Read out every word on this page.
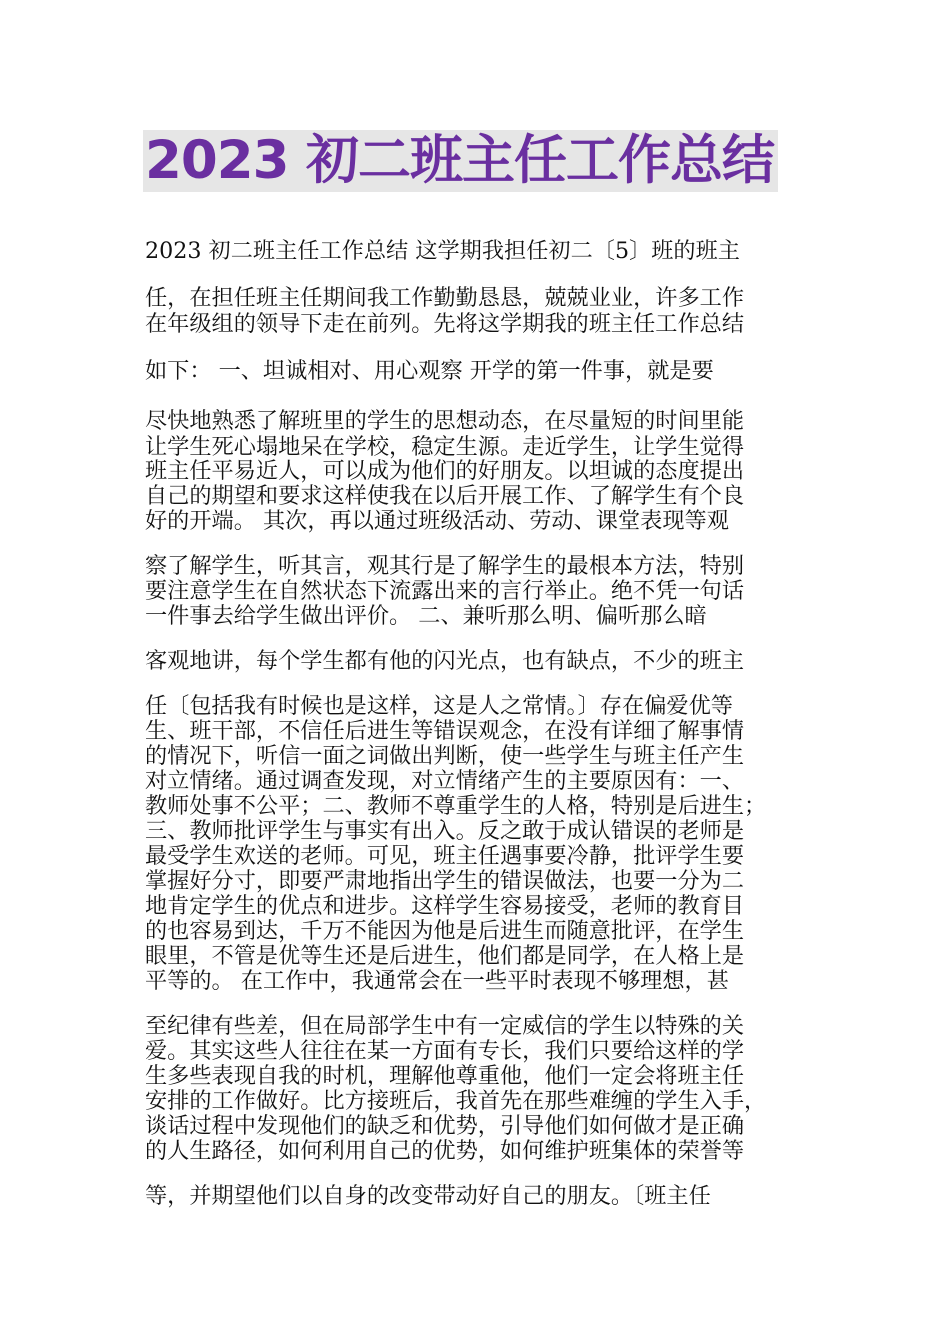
2023 初二班主任工作总结

2023 初二班主任工作总结 这学期我担任初二〔5〕班的班主

任，在担任班主任期间我工作勤勤恳恳，兢兢业业，许多工作

在年级组的领导下走在前列。先将这学期我的班主任工作总结

如下： 一、坦诚相对、用心观察 开学的第一件事，就是要

尽快地熟悉了解班里的学生的思想动态，在尽量短的时间里能

让学生死心塌地呆在学校，稳定生源。走近学生，让学生觉得

班主任平易近人，可以成为他们的好朋友。以坦诚的态度提出

自己的期望和要求这样使我在以后开展工作、了解学生有个良

好的开端。 其次，再以通过班级活动、劳动、课堂表现等观

察了解学生，听其言，观其行是了解学生的最根本方法，特别

要注意学生在自然状态下流露出来的言行举止。绝不凭一句话

一件事去给学生做出评价。 二、兼听那么明、偏听那么暗

客观地讲，每个学生都有他的闪光点，也有缺点，不少的班主

任〔包括我有时候也是这样，这是人之常情。〕存在偏爱优等

生、班干部，不信任后进生等错误观念，在没有详细了解事情

的情况下，听信一面之词做出判断，使一些学生与班主任产生

对立情绪。通过调查发现，对立情绪产生的主要原因有：一、

教师处事不公平；二、教师不尊重学生的人格，特别是后进生；

三、教师批评学生与事实有出入。反之敢于成认错误的老师是

最受学生欢送的老师。可见，班主任遇事要冷静，批评学生要

掌握好分寸，即要严肃地指出学生的错误做法，也要一分为二

地肯定学生的优点和进步。这样学生容易接受，老师的教育目

的也容易到达，千万不能因为他是后进生而随意批评，在学生

眼里，不管是优等生还是后进生，他们都是同学，在人格上是

平等的。 在工作中，我通常会在一些平时表现不够理想，甚

至纪律有些差，但在局部学生中有一定威信的学生以特殊的关

爱。其实这些人往往在某一方面有专长，我们只要给这样的学

生多些表现自我的时机，理解他尊重他，他们一定会将班主任

安排的工作做好。比方接班后，我首先在那些难缠的学生入手，

谈话过程中发现他们的缺乏和优势，引导他们如何做才是正确

的人生路径，如何利用自己的优势，如何维护班集体的荣誉等

等，并期望他们以自身的改变带动好自己的朋友。〔班主任
